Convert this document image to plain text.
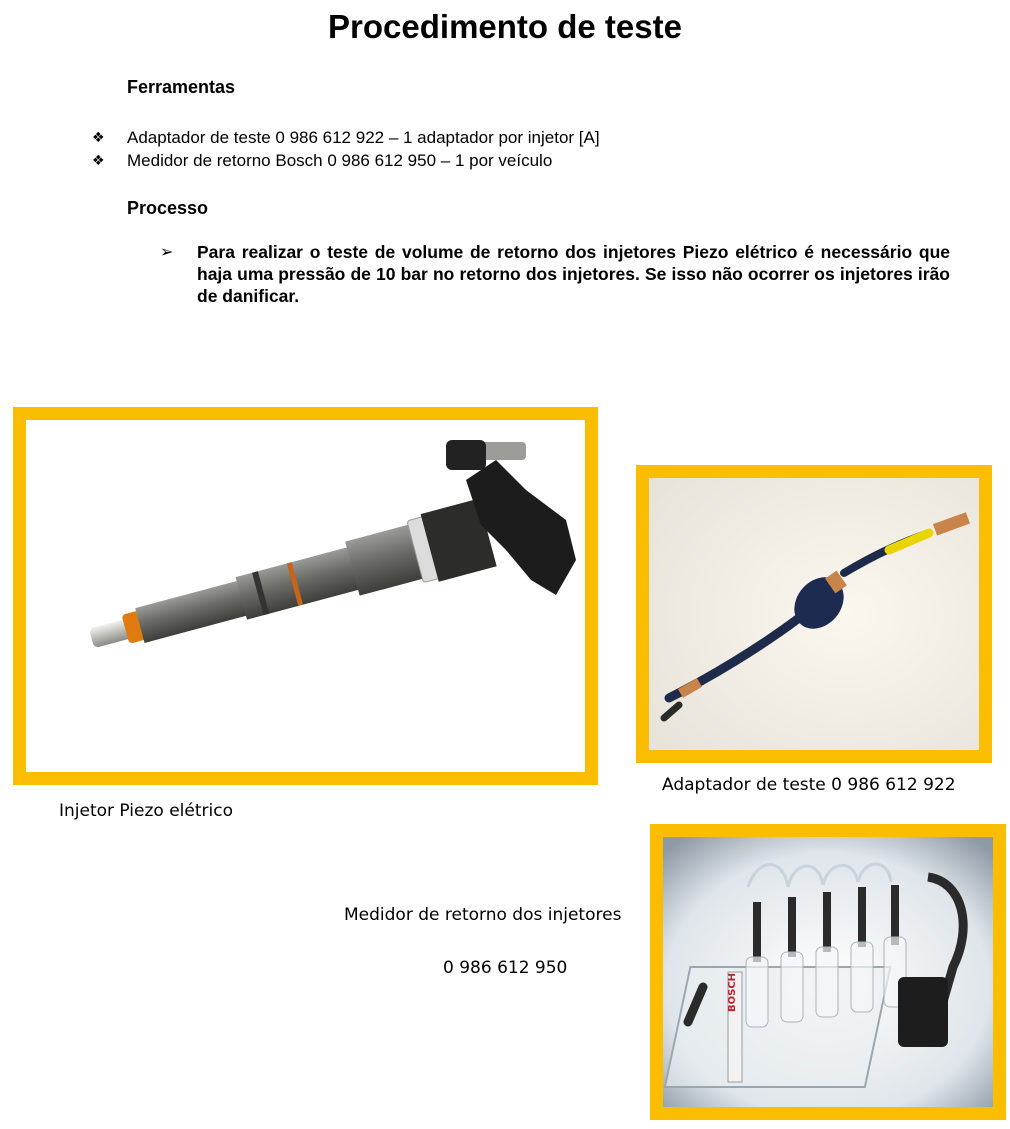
Procedimento de teste
Ferramentas
❖	Adaptador de teste 0 986 612 922 – 1 adaptador por injetor [A]
❖	Medidor de retorno Bosch 0 986 612 950 – 1 por veículo
Processo
➢	Para realizar o teste de volume de retorno dos injetores Piezo elétrico é necessário que haja uma pressão de 10 bar no retorno dos injetores. Se isso não ocorrer os injetores irão de danificar.
Injetor Piezo elétrico
Adaptador de teste 0 986 612 922
Medidor de retorno dos injetores
0 986 612 950
BOSCH
